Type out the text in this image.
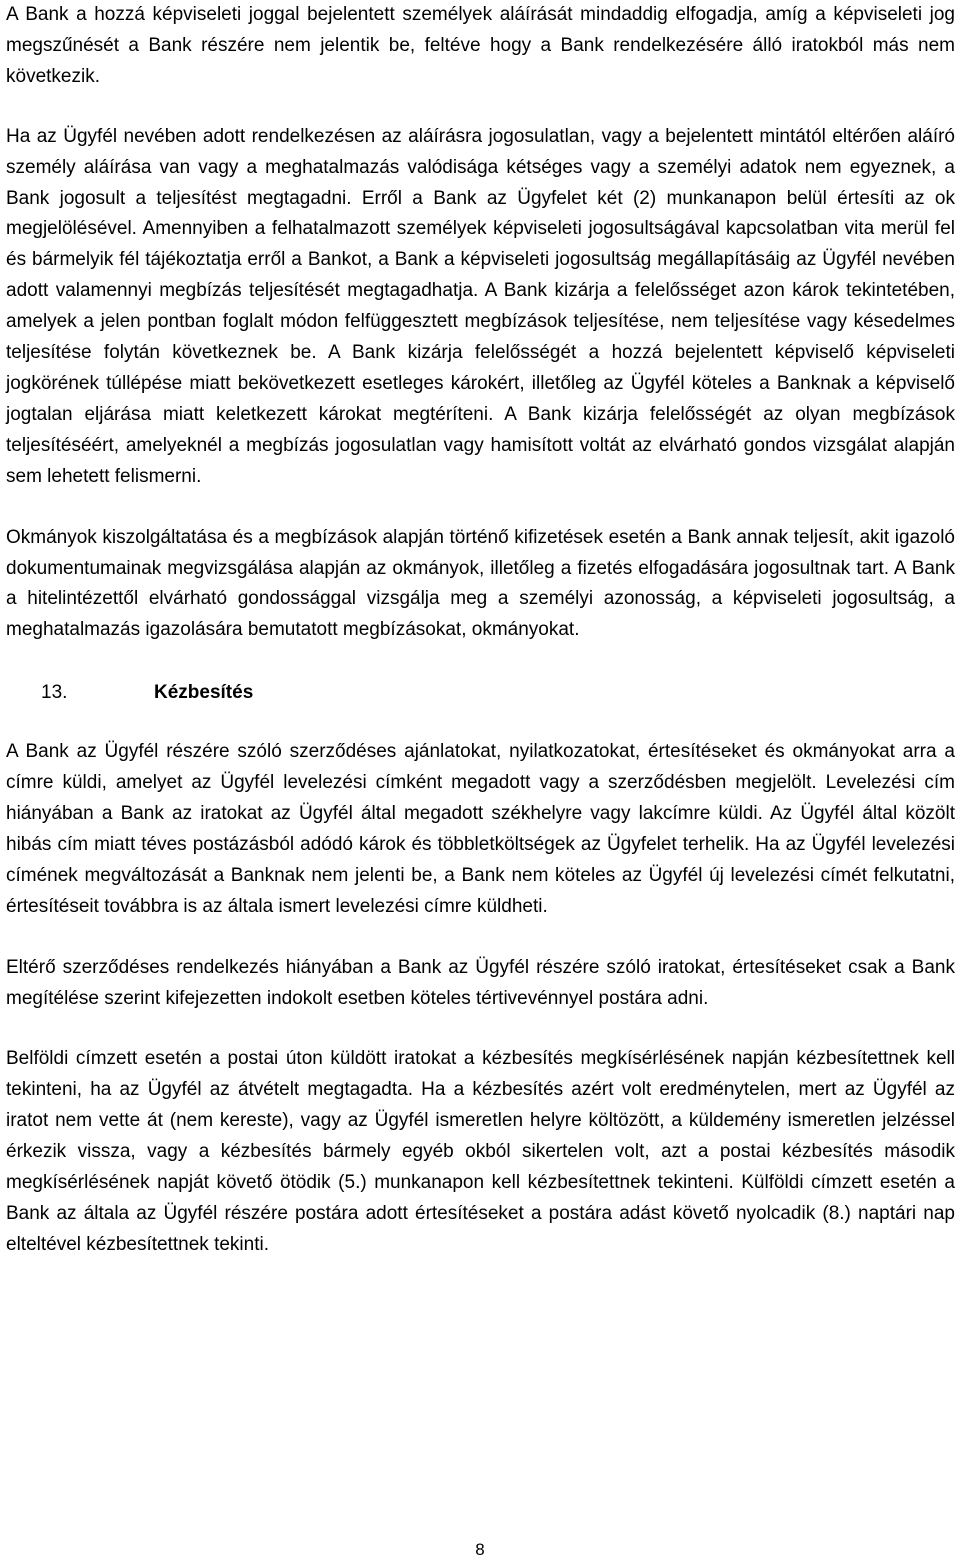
A Bank a hozzá képviseleti joggal bejelentett személyek aláírását mindaddig elfogadja, amíg a képviseleti jog megszűnését a Bank részére nem jelentik be, feltéve hogy a Bank rendelkezésére álló iratokból más nem következik.

Ha az Ügyfél nevében adott rendelkezésen az aláírásra jogosulatlan, vagy a bejelentett mintától eltérően aláíró személy aláírása van vagy a meghatalmazás valódisága kétséges vagy a személyi adatok nem egyeznek, a Bank jogosult a teljesítést megtagadni. Erről a Bank az Ügyfelet két (2) munkanapon belül értesíti az ok megjelölésével. Amennyiben a felhatalmazott személyek képviseleti jogosultságával kapcsolatban vita merül fel és bármelyik fél tájékoztatja erről a Bankot, a Bank a képviseleti jogosultság megállapításáig az Ügyfél nevében adott valamennyi megbízás teljesítését megtagadhatja. A Bank kizárja a felelősséget azon károk tekintetében, amelyek a jelen pontban foglalt módon felfüggesztett megbízások teljesítése, nem teljesítése vagy késedelmes teljesítése folytán következnek be. A Bank kizárja felelősségét a hozzá bejelentett képviselő képviseleti jogkörének túllépése miatt bekövetkezett esetleges károkért, illetőleg az Ügyfél köteles a Banknak a képviselő jogtalan eljárása miatt keletkezett károkat megtéríteni. A Bank kizárja felelősségét az olyan megbízások teljesítéséért, amelyeknél a megbízás jogosulatlan vagy hamisított voltát az elvárható gondos vizsgálat alapján sem lehetett felismerni.

Okmányok kiszolgáltatása és a megbízások alapján történő kifizetések esetén a Bank annak teljesít, akit igazoló dokumentumainak megvizsgálása alapján az okmányok, illetőleg a fizetés elfogadására jogosultnak tart. A Bank a hitelintézettől elvárható gondossággal vizsgálja meg a személyi azonosság, a képviseleti jogosultság, a meghatalmazás igazolására bemutatott megbízásokat, okmányokat.

13.	Kézbesítés

A Bank az Ügyfél részére szóló szerződéses ajánlatokat, nyilatkozatokat, értesítéseket és okmányokat arra a címre küldi, amelyet az Ügyfél levelezési címként megadott vagy a szerződésben megjelölt. Levelezési cím hiányában a Bank az iratokat az Ügyfél által megadott székhelyre vagy lakcímre küldi. Az Ügyfél által közölt hibás cím miatt téves postázásból adódó károk és többletköltségek az Ügyfelet terhelik. Ha az Ügyfél levelezési címének megváltozását a Banknak nem jelenti be, a Bank nem köteles az Ügyfél új levelezési címét felkutatni, értesítéseit továbbra is az általa ismert levelezési címre küldheti.

Eltérő szerződéses rendelkezés hiányában a Bank az Ügyfél részére szóló iratokat, értesítéseket csak a Bank megítélése szerint kifejezetten indokolt esetben köteles tértivevénnyel postára adni.

Belföldi címzett esetén a postai úton küldött iratokat a kézbesítés megkísérlésének napján kézbesítettnek kell tekinteni, ha az Ügyfél az átvételt megtagadta. Ha a kézbesítés azért volt eredménytelen, mert az Ügyfél az iratot nem vette át (nem kereste), vagy az Ügyfél ismeretlen helyre költözött, a küldemény ismeretlen jelzéssel érkezik vissza, vagy a kézbesítés bármely egyéb okból sikertelen volt, azt a postai kézbesítés második megkísérlésének napját követő ötödik (5.) munkanapon kell kézbesítettnek tekinteni. Külföldi címzett esetén a Bank az általa az Ügyfél részére postára adott értesítéseket a postára adást követő nyolcadik (8.) naptári nap elteltével kézbesítettnek tekinti.

8
